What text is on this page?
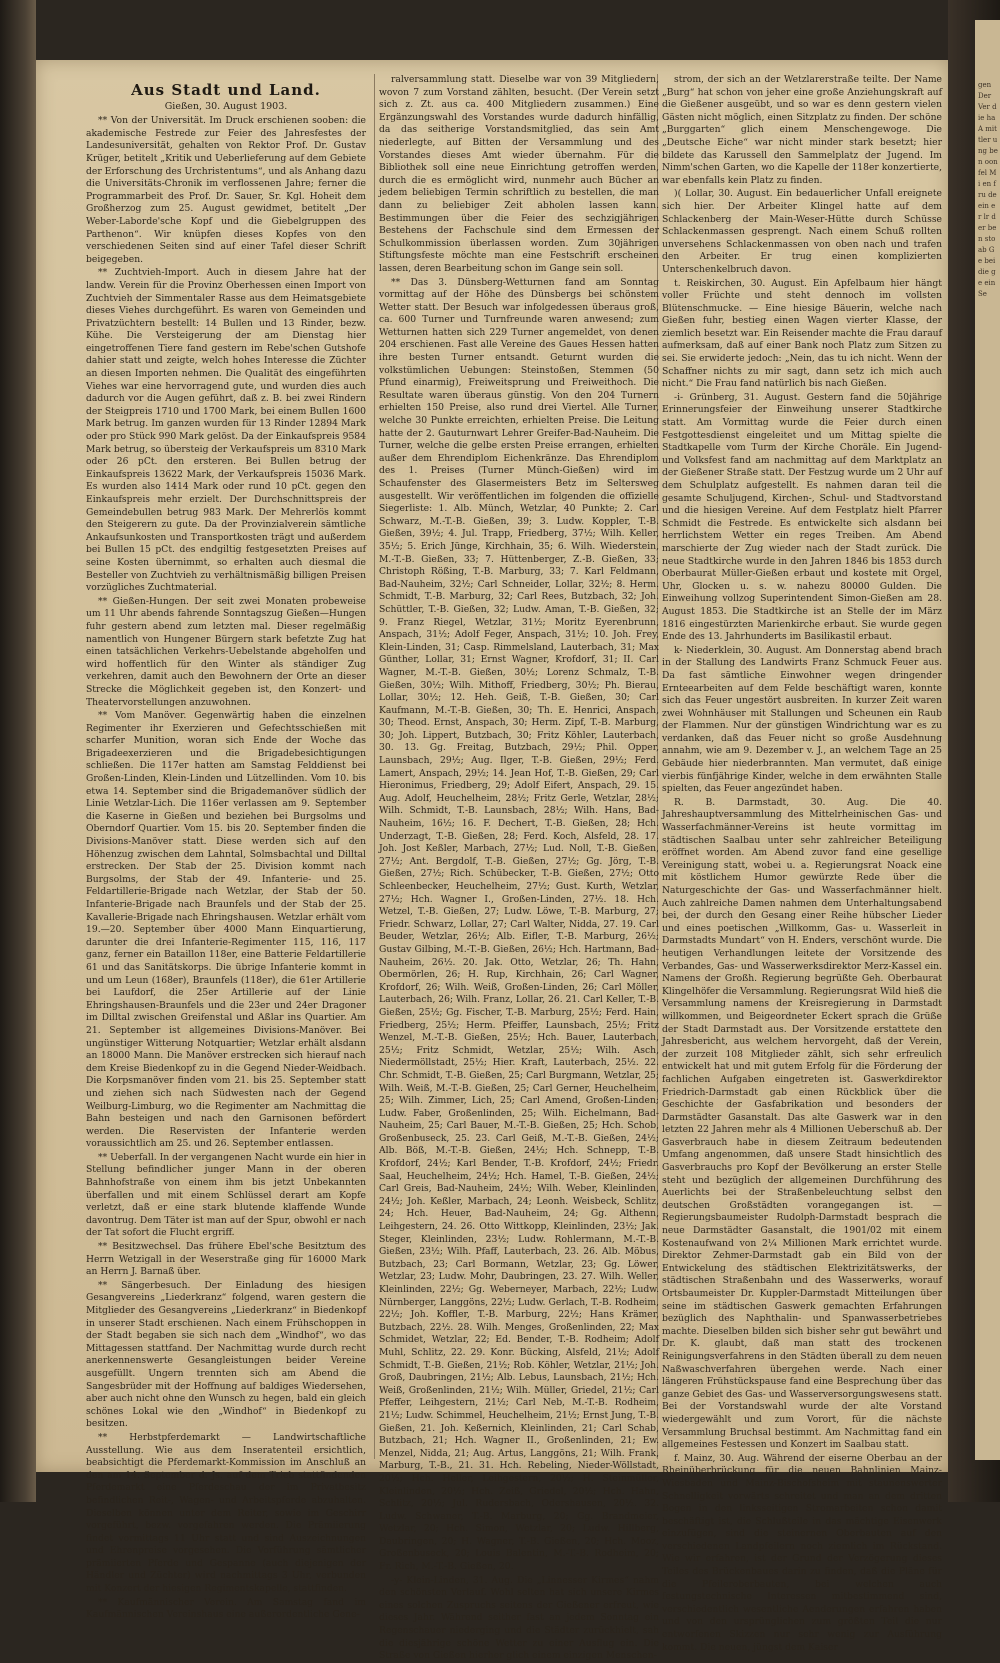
gen Der Ver die ha A mittler ung ben oon fel Mi en fru de ein er lr der ben sto ab Ge bei die ge ein Se
Aus Stadt und Land.
Gießen, 30. August 1903.

** Von der Universität. Im Druck erschienen sooben: die akademische Festrede zur Feier des Jahresfestes der Landesuniversität, gehalten von Rektor Prof. Dr. Gustav Krüger, betitelt „Kritik und Ueberlieferung auf dem Gebiete der Erforschung des Urchristentums“, und als Anhang dazu die Universitäts-Chronik im verflossenen Jahre; ferner die Programmarbeit des Prof. Dr. Sauer, Sr. Kgl. Hoheit dem Großherzog zum 25. August gewidmet, betitelt „Der Weber-Laborde'sche Kopf und die Giebelgruppen des Parthenon“. Wir knüpfen dieses Kopfes von den verschiedenen Seiten sind auf einer Tafel dieser Schrift beigegeben.

** Zuchtvieh-Import. Auch in diesem Jahre hat der landw. Verein für die Provinz Oberhessen einen Import von Zuchtvieh der Simmentaler Rasse aus dem Heimatsgebiete dieses Viehes durchgeführt. Es waren von Gemeinden und Privatzüchtern bestellt: 14 Bullen und 13 Rinder, bezw. Kühe. Die Versteigerung der am Dienstag hier eingetroffenen Tiere fand gestern im Rebe'schen Gutshofe dahier statt und zeigte, welch hohes Interesse die Züchter an diesen Importen nehmen. Die Qualität des eingeführten Viehes war eine hervorragend gute, und wurden dies auch dadurch vor die Augen geführt, daß z. B. bei zwei Rindern der Steigpreis 1710 und 1700 Mark, bei einem Bullen 1600 Mark betrug. Im ganzen wurden für 13 Rinder 12894 Mark oder pro Stück 990 Mark gelöst. Da der Einkaufspreis 9584 Mark betrug, so übersteig der Verkaufspreis um 8310 Mark oder 26 pCt. den ersteren. Bei Bullen betrug der Einkaufspreis 13622 Mark, der Verkaufspreis 15036 Mark. Es wurden also 1414 Mark oder rund 10 pCt. gegen den Einkaufspreis mehr erzielt. Der Durchschnittspreis der Gemeindebullen betrug 983 Mark. Der Mehrerlös kommt den Steigerern zu gute. Da der Provinzialverein sämtliche Ankaufsunkosten und Transportkosten trägt und außerdem bei Bullen 15 pCt. des endgiltig festgesetzten Preises auf seine Kosten übernimmt, so erhalten auch diesmal die Besteller von Zuchtvieh zu verhältnismäßig billigen Preisen vorzügliches Zuchtmaterial.

** Gießen-Hungen. Der seit zwei Monaten probeweise um 11 Uhr abends fahrende Sonntagszug Gießen—Hungen fuhr gestern abend zum letzten mal. Dieser regelmäßig namentlich von Hungener Bürgern stark befetzte Zug hat einen tatsächlichen Verkehrs-Uebelstande abgeholfen und wird hoffentlich für den Winter als ständiger Zug verkehren, damit auch den Bewohnern der Orte an dieser Strecke die Möglichkeit gegeben ist, den Konzert- und Theatervorstellungen anzuwohnen.

** Vom Manöver. Gegenwärtig haben die einzelnen Regimenter ihr Exerzieren und Gefechtsschießen mit scharfer Munition, woran sich Ende der Woche das Brigadeexerzieren und die Brigadebesichtigungen schließen. Die 117er hatten am Samstag Felddienst bei Großen-Linden, Klein-Linden und Lützellinden. Vom 10. bis etwa 14. September sind die Brigademanöver südlich der Linie Wetzlar-Lich. Die 116er verlassen am 9. September die Kaserne in Gießen und beziehen bei Burgsolms und Oberndorf Quartier. Vom 15. bis 20. September finden die Divisions-Manöver statt. Diese werden sich auf den Höhenzug zwischen dem Lahntal, Solmsbachtal und Dilltal erstrecken. Der Stab der 25. Division kommt nach Burgsolms, der Stab der 49. Infanterie- und 25. Feldartillerie-Brigade nach Wetzlar, der Stab der 50. Infanterie-Brigade nach Braunfels und der Stab der 25. Kavallerie-Brigade nach Ehringshausen. Wetzlar erhält vom 19.—20. September über 4000 Mann Einquartierung, darunter die drei Infanterie-Regimenter 115, 116, 117 ganz, ferner ein Bataillon 118er, eine Batterie Feldartillerie 61 und das Sanitätskorps. Die übrige Infanterie kommt in und um Leun (168er), Braunfels (118er), die 61er Artillerie bei Laufdorf, die 25er Artillerie auf der Linie Ehringshausen-Braunfels und die 23er und 24er Dragoner im Dilltal zwischen Greifenstal und Aßlar ins Quartier. Am 21. September ist allgemeines Divisions-Manöver. Bei ungünstiger Witterung Notquartier; Wetzlar erhält alsdann an 18000 Mann. Die Manöver erstrecken sich hierauf nach dem Kreise Biedenkopf zu in die Gegend Nieder-Weidbach. Die Korpsmanöver finden vom 21. bis 25. September statt und ziehen sich nach Südwesten nach der Gegend Weilburg-Limburg, wo die Regimenter am Nachmittag die Bahn besteigen und nach den Garnisonen befördert werden. Die Reservisten der Infanterie werden voraussichtlich am 25. und 26. September entlassen.

** Ueberfall. In der vergangenen Nacht wurde ein hier in Stellung befindlicher junger Mann in der oberen Bahnhofstraße von einem ihm bis jetzt Unbekannten überfallen und mit einem Schlüssel derart am Kopfe verletzt, daß er eine stark blutende klaffende Wunde davontrug. Dem Täter ist man auf der Spur, obwohl er nach der Tat sofort die Flucht ergriff.

** Besitzwechsel. Das frühere Ebel'sche Besitztum des Herrn Wetzigall in der Weserstraße ging für 16000 Mark an Herrn J. Barnaß über.

** Sängerbesuch. Der Einladung des hiesigen Gesangvereins „Liederkranz“ folgend, waren gestern die Mitglieder des Gesangvereins „Liederkranz“ in Biedenkopf in unserer Stadt erschienen. Nach einem Frühschoppen in der Stadt begaben sie sich nach dem „Windhof“, wo das Mittagessen stattfand. Der Nachmittag wurde durch recht anerkennenswerte Gesangleistungen beider Vereine ausgefüllt. Ungern trennten sich am Abend die Sangesbrüder mit der Hoffnung auf baldiges Wiedersehen, aber auch nicht ohne den Wunsch zu hegen, bald ein gleich schönes Lokal wie den „Windhof“ in Biedenkopf zu besitzen.

** Herbstpferdemarkt — Landwirtschaftliche Ausstellung. Wie aus dem Inseratenteil ersichtlich, beabsichtigt die Pferdemarkt-Kommission im Anschluß an den am 14. September d. Js. auf dem Trieb stattfindenden Pferdemarkt eine Pferdeschau der im Privatbesitz befindlichen Reit-, Wagen- und Arbeitspferde abzuhalten. Dieselben können unter dem Reiter, sowie im Geschirr vorgeführt, bezw. vorgefahren werden. Die Prämiierung findet vormittags 11 Uhr statt und sind Auszeichnungen und Ehrenpreise vorgesehen. Die Vorführung sämtlicher prämiierten Pferde und Gespanne (auch diejenigen der Händler und Züchter) wird nachmittags 3 Uhr, verbunden mit Konzert der hiesigen Regimentskapelle, stattfinden.

** Kaufmännischer Verein. Am Samstag fand im Kaufmännischen Vereinshaus eine außerordentliche Gene-

ralversammlung statt. Dieselbe war von 39 Mitgliedern, wovon 7 zum Vorstand zählten, besucht. (Der Verein setzt sich z. Zt. aus ca. 400 Mitgliedern zusammen.) Eine Ergänzungswahl des Vorstandes wurde dadurch hinfällig, da das seitherige Vorstandsmitglied, das sein Amt niederlegte, auf Bitten der Versammlung und des Vorstandes dieses Amt wieder übernahm. Für die Bibliothek soll eine neue Einrichtung getroffen werden, durch die es ermöglicht wird, nunmehr auch Bücher an jedem beliebigen Termin schriftlich zu bestellen, die man dann zu beliebiger Zeit abholen lassen kann. Bestimmungen über die Feier des sechzigjährigen Bestehens der Fachschule sind dem Ermessen der Schulkommission überlassen worden. Zum 30jährigen Stiftungsfeste möchte man eine Festschrift erscheinen lassen, deren Bearbeitung schon im Gange sein soll.

** Das 3. Dünsberg-Wetturnen fand am Sonntag vormittag auf der Höhe des Dünsbergs bei schönstem Wetter statt. Der Besuch war infolgedessen überaus groß, ca. 600 Turner und Turnfreunde waren anwesend; zum Wetturnen hatten sich 229 Turner angemeldet, von denen 204 erschienen. Fast alle Vereine des Gaues Hessen hatten ihre besten Turner entsandt. Geturnt wurden die volkstümlichen Uebungen: Steinstoßen, Stemmen (50 Pfund einarmig), Freiweitsprung und Freiweithoch. Die Resultate waren überaus günstig. Von den 204 Turnern erhielten 150 Preise, also rund drei Viertel. Alle Turner, welche 30 Punkte erreichten, erhielten Preise. Die Leitung hatte der 2. Gauturnwart Lehrer Greifer-Bad-Nauheim. Die Turner, welche die gelbe ersten Preise errangen, erhielten außer dem Ehrendiplom Eichenkränze. Das Ehrendiplom des 1. Preises (Turner Münch-Gießen) wird im Schaufenster des Glasermeisters Betz im Seltersweg ausgestellt. Wir veröffentlichen im folgenden die offizielle Siegerliste: 1. Alb. Münch, Wetzlar, 40 Punkte; 2. Carl Schwarz, M.-T.-B. Gießen, 39; 3. Ludw. Koppler, T.-B. Gießen, 39½; 4. Jul. Trapp, Friedberg, 37½; Wilh. Keller, 35½; 5. Erich Jünge, Kirchhain, 35; 6. Wilh. Wiederstein, M.-T.-B. Gießen, 33; 7. Hüttenberger, Z.-B. Gießen, 33; Christoph Rößing, T.-B. Marburg, 33; 7. Karl Feldmann, Bad-Nauheim, 32½; Carl Schneider, Lollar, 32½; 8. Herm. Schmidt, T.-B. Marburg, 32; Carl Rees, Butzbach, 32; Joh. Schüttler, T.-B. Gießen, 32; Ludw. Aman, T.-B. Gießen, 32; 9. Franz Riegel, Wetzlar, 31½; Moritz Eyerenbrunn, Anspach, 31½; Adolf Feger, Anspach, 31½; 10. Joh. Frey, Klein-Linden, 31; Casp. Rimmelsland, Lauterbach, 31; Max Günther, Lollar, 31; Ernst Wagner, Krofdorf, 31; II. Carl Wagner, M.-T.-B. Gießen, 30½; Lorenz Schmalz, T.-B. Gießen, 30½; Wilh. Mithoff, Friedberg, 30½; Ph. Bierau, Lollar, 30½; 12. Heh. Geiß, T.-B. Gießen, 30; Carl Kaufmann, M.-T.-B. Gießen, 30; Th. E. Henrici, Anspach, 30; Theod. Ernst, Anspach, 30; Herm. Zipf, T.-B. Marburg, 30; Joh. Lippert, Butzbach, 30; Fritz Köhler, Lauterbach, 30. 13. Gg. Freitag, Butzbach, 29½; Phil. Opper, Launsbach, 29½; Aug. Ilger, T.-B. Gießen, 29½; Ferd. Lamert, Anspach, 29½; 14. Jean Hof, T.-B. Gießen, 29; Carl Hieronimus, Friedberg, 29; Adolf Eifert, Anspach, 29. 15. Aug. Adolf, Heuchelheim, 28½; Fritz Gerle, Wetzlar, 28½; Wilh. Schmidt, T.-B. Launsbach, 28½; Wilh. Hans, Bad-Nauheim, 16½; 16. F. Dechert, T.-B. Gießen, 28; Hch. Underzagt, T.-B. Gießen, 28; Ferd. Koch, Alsfeld, 28. 17. Joh. Jost Keßler, Marbach, 27½; Lud. Noll, T.-B. Gießen, 27½; Ant. Bergdolf, T.-B. Gießen, 27½; Gg. Jörg, T.-B. Gießen, 27½; Rich. Schübecker, T.-B. Gießen, 27½; Otto Schleenbecker, Heuchelheim, 27½; Gust. Kurth, Wetzlar, 27½; Hch. Wagner I., Großen-Linden, 27½. 18. Hch. Wetzel, T.-B. Gießen, 27; Ludw. Löwe, T.-B. Marburg, 27; Friedr. Schwarz, Lollar, 27; Carl Walter, Nidda, 27. 19. Carl Beuder, Wetzlar, 26½; Alb. Eifler, T.-B. Marburg, 26½; Gustav Gilbing, M.-T.-B. Gießen, 26½; Hch. Hartmann, Bad-Nauheim, 26½. 20. Jak. Otto, Wetzlar, 26; Th. Hahn, Obermörlen, 26; H. Rup, Kirchhain, 26; Carl Wagner, Krofdorf, 26; Wilh. Weiß, Großen-Linden, 26; Carl Möller, Lauterbach, 26; Wilh. Franz, Lollar, 26. 21. Carl Keller, T.-B. Gießen, 25½; Gg. Fischer, T.-B. Marburg, 25½; Ferd. Hain, Friedberg, 25½; Herm. Pfeiffer, Launsbach, 25½; Fritz Wenzel, M.-T.-B. Gießen, 25½; Hch. Bauer, Lauterbach, 25½; Fritz Schmidt, Wetzlar, 25½; Wilh. Asch, Niedermöllstadt, 25½; Hier. Kraft, Lauterbach, 25½. 22. Chr. Schmidt, T.-B. Gießen, 25; Carl Burgmann, Wetzlar, 25; Wilh. Weiß, M.-T.-B. Gießen, 25; Carl Gerner, Heuchelheim, 25; Wilh. Zimmer, Lich, 25; Carl Amend, Großen-Linden; Ludw. Faber, Großenlinden, 25; Wilh. Eichelmann, Bad-Nauheim, 25; Carl Bauer, M.-T.-B. Gießen, 25; Hch. Schob, Großenbuseck, 25. 23. Carl Geiß, M.-T.-B. Gießen, 24½; Alb. Böß, M.-T.-B. Gießen, 24½; Hch. Schnepp, T.-B. Krofdorf, 24½; Karl Bender, T.-B. Krofdorf, 24½; Friedr. Saal, Heuchelheim, 24½; Hch. Hamel, T.-B. Gießen, 24½; Carl Greis, Bad-Nauheim, 24½; Wilh. Weber, Kleinlinden, 24½; Joh. Keßler, Marbach, 24; Leonh. Weisbeck, Schlitz, 24; Hch. Heuer, Bad-Nauheim, 24; Gg. Althenn, Leihgestern, 24. 26. Otto Wittkopp, Kleinlinden, 23½; Jak. Steger, Kleinlinden, 23½; Ludw. Rohlermann, M.-T.-B. Gießen, 23½; Wilh. Pfaff, Lauterbach, 23. 26. Alb. Möbus, Butzbach, 23; Carl Bormann, Wetzlar, 23; Gg. Löwer, Wetzlar, 23; Ludw. Mohr, Daubringen, 23. 27. Wilh. Weller, Kleinlinden, 22½; Gg. Weberneyer, Marbach, 22½; Ludw. Nürnberger, Langgöns, 22½; Ludw. Gerlach, T.-B. Rodheim, 22½; Joh. Koffler, T.-B. Marburg, 22½; Hans Krämer, Butzbach, 22½. 28. Wilh. Menges, Großenlinden, 22; Max Schmidet, Wetzlar, 22; Ed. Bender, T.-B. Rodheim; Adolf Muhl, Schlitz, 22. 29. Konr. Bücking, Alsfeld, 21½; Adolf Schmidt, T.-B. Gießen, 21½; Rob. Köhler, Wetzlar, 21½; Joh. Groß, Daubringen, 21½; Alb. Lebus, Launsbach, 21½; Hch. Weiß, Großenlinden, 21½; Wilh. Müller, Griedel, 21½; Carl Pfeffer, Leihgestern, 21½; Carl Neb, M.-T.-B. Rodheim, 21½; Ludw. Schimmel, Heuchelheim, 21½; Ernst Jung, T.-B. Gießen, 21. Joh. Keßernich, Kleinlinden, 21; Carl Schab, Butzbach, 21; Hch. Wagner II., Großenlinden, 21; Ew. Menzel, Nidda, 21; Aug. Artus, Langgöns, 21; Wilh. Frank, Marburg, T.-B., 21. 31. Hch. Rebeling, Nieder-Wöllstadt, 20½; Hch. Heller, Leihgestern, 20½; H. Steinmüller, Kleinlinden, 20½; Hch. Zeiß, Griedel, 20½; Hch. Hahn, Schlitz, 20½; Jul. Rudersbach, Odershausen, 20½. 32. Ludw. Schwaner, T.-B. Marburg, 20; Gg. Brandmeier, Wetzlar, 20; Hch. Simon, Wetzlar, 20; Ludw. Hillberg, Daubringen, 20; H. Wagner, T.-B. Gießen, 20; Hch. Mooz, Großenbuseck, 20; Louis Balentin, M.-T.-B. Rodheim, 20; Fr. Rich, M.-T.-B. Gießen, 20.

-y- Klein-Linden, 31. Aug. Die „Linnesser Kirmes“ nahm den schönsten Verlauf. Wohl selten hat sich unsere Kirmes eines solchen Zuspruchs seitens der Gießener erfreut, wie dieses Jahr. Während seither fast an jedem Sonntag ein Regenschauer niederging und die Städter zurückhielt, sah die diesjährige schöne Wetter zu einer Ausflug ein. Die Straße von Gießen hierher glich einem einzigen Menschen-

strom, der sich an der Wetzlarerstraße teilte. Der Name „Burg“ hat schon von jeher eine große Anziehungskraft auf die Gießener ausgeübt, und so war es denn gestern vielen Gästen nicht möglich, einen Sitzplatz zu finden. Der schöne „Burggarten“ glich einem Menschengewoge. Die „Deutsche Eiche“ war nicht minder stark besetzt; hier bildete das Karussell den Sammelplatz der Jugend. Im Nimm'schen Garten, wo die Kapelle der 118er konzertierte, war ebenfalls kein Platz zu finden.

)( Lollar, 30. August. Ein bedauerlicher Unfall ereignete sich hier. Der Arbeiter Klingel hatte auf dem Schlackenberg der Main-Weser-Hütte durch Schüsse Schlackenmassen gesprengt. Nach einem Schuß rollten unversehens Schlackenmassen von oben nach und trafen den Arbeiter. Er trug einen komplizierten Unterschenkelbruch davon.

t. Reiskirchen, 30. August. Ein Apfelbaum hier hängt voller Früchte und steht dennoch im vollsten Blütenschmucke. — Eine hiesige Bäuerin, welche nach Gießen fuhr, bestieg einen Wagen vierter Klasse, der ziemlich besetzt war. Ein Reisender machte die Frau darauf aufmerksam, daß auf einer Bank noch Platz zum Sitzen zu sei. Sie erwiderte jedoch: „Nein, das tu ich nicht. Wenn der Schaffner nichts zu mir sagt, dann setz ich mich auch nicht.“ Die Frau fand natürlich bis nach Gießen.

-i- Grünberg, 31. August. Gestern fand die 50jährige Erinnerungsfeier der Einweihung unserer Stadtkirche statt. Am Vormittag wurde die Feier durch einen Festgottesdienst eingeleitet und um Mittag spielte die Stadtkapelle vom Turm der Kirche Choräle. Ein Jugend- und Volksfest fand am nachmittag auf dem Marktplatz an der Gießener Straße statt. Der Festzug wurde um 2 Uhr auf dem Schulplatz aufgestellt. Es nahmen daran teil die gesamte Schuljugend, Kirchen-, Schul- und Stadtvorstand und die hiesigen Vereine. Auf dem Festplatz hielt Pfarrer Schmidt die Festrede. Es entwickelte sich alsdann bei herrlichstem Wetter ein reges Treiben. Am Abend marschierte der Zug wieder nach der Stadt zurück. Die neue Stadtkirche wurde in den Jahren 1846 bis 1853 durch Oberbaurat Müller-Gießen erbaut und kostete mit Orgel, Uhr, Glocken u. s. w. nahezu 80000 Gulden. Die Einweihung vollzog Superintendent Simon-Gießen am 28. August 1853. Die Stadtkirche ist an Stelle der im März 1816 eingestürzten Marienkirche erbaut. Sie wurde gegen Ende des 13. Jahrhunderts im Basilikastil erbaut.

k- Niederklein, 30. August. Am Donnerstag abend brach in der Stallung des Landwirts Franz Schmuck Feuer aus. Da fast sämtliche Einwohner wegen dringender Ernteearbeiten auf dem Felde beschäftigt waren, konnte sich das Feuer ungestört ausbreiten. In kurzer Zeit waren zwei Wohnhäuser mit Stallungen und Scheunen ein Raub der Flammen. Nur der günstigen Windrichtung war es zu verdanken, daß das Feuer nicht so große Ausdehnung annahm, wie am 9. Dezember v. J., an welchem Tage an 25 Gebäude hier niederbrannten. Man vermutet, daß einige vierbis fünfjährige Kinder, welche in dem erwähnten Stalle spielten, das Feuer angezündet haben.

R. B. Darmstadt, 30. Aug. Die 40. Jahreshauptversammlung des Mittelrheinischen Gas- und Wasserfachmänner-Vereins ist heute vormittag im städtischen Saalbau unter sehr zahlreicher Beteiligung eröffnet worden. Am Abend zuvor fand eine gesellige Vereinigung statt, wobei u. a. Regierungsrat Noack eine mit köstlichem Humor gewürzte Rede über die Naturgeschichte der Gas- und Wasserfachmänner hielt. Auch zahlreiche Damen nahmen dem Unterhaltungsabend bei, der durch den Gesang einer Reihe hübscher Lieder und eines poetischen „Willkomm, Gas- u. Wasserleit in Darmstadts Mundart“ von H. Enders, verschönt wurde. Die heutigen Verhandlungen leitete der Vorsitzende des Verbandes, Gas- und Wasserwerksdirektor Merz-Kassel ein. Namens der Großh. Regierung begrüßte Geh. Oberbaurat Klingelhöfer die Versammlung. Regierungsrat Wild hieß die Versammlung namens der Kreisregierung in Darmstadt willkommen, und Beigeordneter Eckert sprach die Grüße der Stadt Darmstadt aus. Der Vorsitzende erstattete den Jahresbericht, aus welchem hervorgeht, daß der Verein, der zurzeit 108 Mitglieder zählt, sich sehr erfreulich entwickelt hat und mit gutem Erfolg für die Förderung der fachlichen Aufgaben eingetreten ist. Gaswerkdirektor Friedrich-Darmstadt gab einen Rückblick über die Geschichte der Gasfabrikation und besonders der Darmstädter Gasanstalt. Das alte Gaswerk war in den letzten 22 Jahren mehr als 4 Millionen Ueberschuß ab. Der Gasverbrauch habe in diesem Zeitraum bedeutenden Umfang angenommen, daß unsere Stadt hinsichtlich des Gasverbrauchs pro Kopf der Bevölkerung an erster Stelle steht und bezüglich der allgemeinen Durchführung des Auerlichts bei der Straßenbeleuchtung selbst den deutschen Großstädten vorangegangen ist. — Regierungsbaumeister Rudolph-Darmstadt besprach die neue Darmstädter Gasanstalt, die 1901/02 mit einem Kostenaufwand von 2¼ Millionen Mark errichtet wurde. Direktor Zehmer-Darmstadt gab ein Bild von der Entwickelung des städtischen Elektrizitätswerks, der städtischen Straßenbahn und des Wasserwerks, worauf Ortsbaumeister Dr. Kuppler-Darmstadt Mitteilungen über seine im städtischen Gaswerk gemachten Erfahrungen bezüglich des Naphthalin- und Spanwasserbetriebes machte. Dieselben bilden sich bisher sehr gut bewährt und Dr. K. glaubt, daß man statt des trockenen Reinigungsverfahrens in den Städten überall zu dem neuen Naßwaschverfahren übergehen werde. Nach einer längeren Frühstückspause fand eine Besprechung über das ganze Gebiet des Gas- und Wasserversorgungswesens statt. Bei der Vorstandswahl wurde der alte Vorstand wiedergewählt und zum Vorort, für die nächste Versammlung Bruchsal bestimmt. Am Nachmittag fand ein allgemeines Festessen und Konzert im Saalbau statt.

f. Mainz, 30. Aug. Während der eiserne Oberbau an der Rheinüberbrückung für die neuen Bahnlinien Mainz-Wiesbaden und Mainz-Bischofsheim mit staunenswerter Schnelligkeit vorwärts schreitet und man an dem dritten Bogen in den linksseitigen Stromarbeiten schon damit beschäftigt ist, die Schlußteile in das mächtige Eisenwerk einzufügen, sind die steinernen Oberbauten auf den verschiedenen Landpfeilern noch ziemlich im Rückstand. Wie wir erfahren, ist der Grund der Verzögerung dieses Teiles des Brückenbaues darin zu finden, daß die Pläne für die Pfeileroberbauten, bei welchen auch festungstechnische Interessen mitbestimmend sind, verschiedentlich wesentliche Aenderungen erfahren haben und von den ursprünglichen zum größten Teil die nur entworfenen Skizzen nur sehr wenig zur Ausführung kommt. Die neuen, jüngst dem Kaiser
